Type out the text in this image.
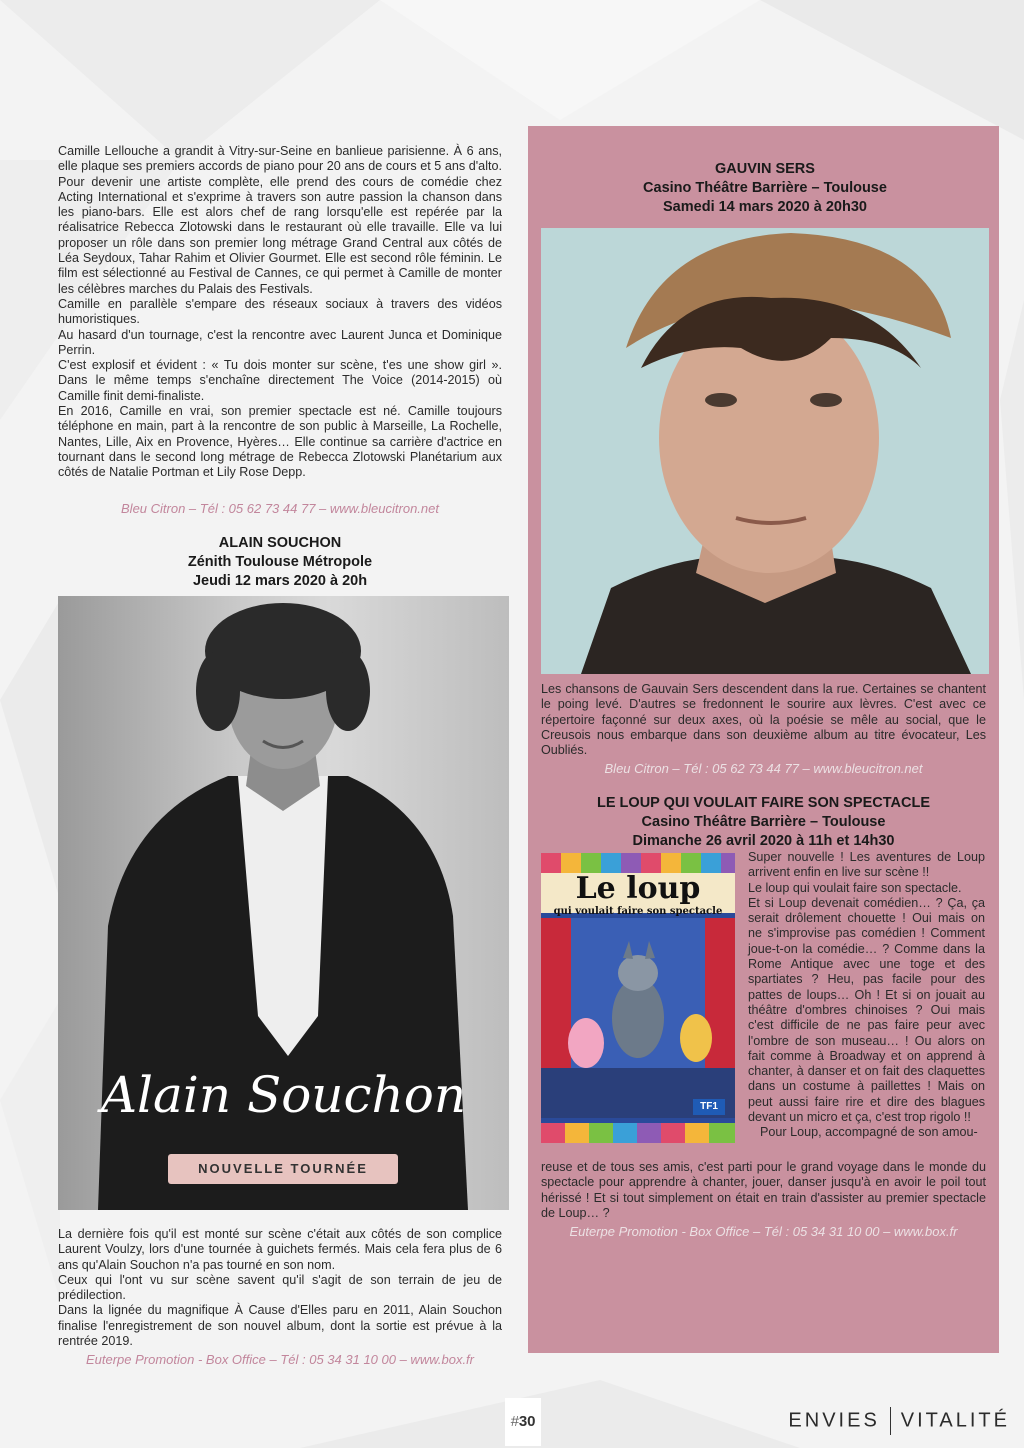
Camille Lellouche a grandit à Vitry-sur-Seine en banlieue parisienne. À 6 ans, elle plaque ses premiers accords de piano pour 20 ans de cours et 5 ans d'alto. Pour devenir une artiste complète, elle prend des cours de comédie chez Acting International et s'exprime à travers son autre passion la chanson dans les piano-bars. Elle est alors chef de rang lorsqu'elle est repérée par la réalisatrice Rebecca Zlotowski dans le restaurant où elle travaille. Elle va lui proposer un rôle dans son premier long métrage Grand Central aux côtés de Léa Seydoux, Tahar Rahim et Olivier Gourmet. Elle est second rôle féminin. Le film est sélectionné au Festival de Cannes, ce qui permet à Camille de monter les célèbres marches du Palais des Festivals.

Camille en parallèle s'empare des réseaux sociaux à travers des vidéos humoristiques.

Au hasard d'un tournage, c'est la rencontre avec Laurent Junca et Dominique Perrin.

C'est explosif et évident : « Tu dois monter sur scène, t'es une show girl ». Dans le même temps s'enchaîne directement The Voice (2014-2015) où Camille finit demi-finaliste.

En 2016, Camille en vrai, son premier spectacle est né. Camille toujours téléphone en main, part à la rencontre de son public à Marseille, La Rochelle, Nantes, Lille, Aix en Provence, Hyères… Elle continue sa carrière d'actrice en tournant dans le second long métrage de Rebecca Zlotowski Planétarium aux côtés de Natalie Portman et Lily Rose Depp.

Bleu Citron – Tél : 05 62 73 44 77 – www.bleucitron.net
ALAIN SOUCHON
Zénith Toulouse Métropole
Jeudi 12 mars 2020 à 20h
Alain Souchon
NOUVELLE TOURNÉE

La dernière fois qu'il est monté sur scène c'était aux côtés de son complice Laurent Voulzy, lors d'une tournée à guichets fermés. Mais cela fera plus de 6 ans qu'Alain Souchon n'a pas tourné en son nom.

Ceux qui l'ont vu sur scène savent qu'il s'agit de son terrain de jeu de prédilection.

Dans la lignée du magnifique À Cause d'Elles paru en 2011, Alain Souchon finalise l'enregistrement de son nouvel album, dont la sortie est prévue à la rentrée 2019.

Euterpe Promotion - Box Office – Tél : 05 34 31 10 00 – www.box.fr
GAUVIN SERS
Casino Théâtre Barrière – Toulouse
Samedi 14 mars 2020 à 20h30

Les chansons de Gauvain Sers descendent dans la rue. Certaines se chantent le poing levé. D'autres se fredonnent le sourire aux lèvres. C'est avec ce répertoire façonné sur deux axes, où la poésie se mêle au social, que le Creusois nous embarque dans son deuxième album au titre évocateur, Les Oubliés.

Bleu Citron – Tél : 05 62 73 44 77 – www.bleucitron.net
LE LOUP QUI VOULAIT FAIRE SON SPECTACLE
Casino Théâtre Barrière – Toulouse
Dimanche 26 avril 2020 à 11h et 14h30
Le loup
qui voulait faire son spectacle
TF1

Super nouvelle ! Les aventures de Loup arrivent enfin en live sur scène !!

Le loup qui voulait faire son spectacle.

Et si Loup devenait comédien… ? Ça, ça serait drôlement chouette ! Oui mais on ne s'improvise pas comédien ! Comment joue-t-on la comédie… ? Comme dans la Rome Antique avec une toge et des spartiates ? Heu, pas facile pour des pattes de loups… Oh ! Et si on jouait au théâtre d'ombres chinoises ? Oui mais c'est difficile de ne pas faire peur avec l'ombre de son museau… ! Ou alors on fait comme à Broadway et on apprend à chanter, à danser et on fait des claquettes dans un costume à paillettes ! Mais on peut aussi faire rire et dire des blagues devant un micro et ça, c'est trop rigolo !!

Pour Loup, accompagné de son amou-

reuse et de tous ses amis, c'est parti pour le grand voyage dans le monde du spectacle pour apprendre à chanter, jouer, danser jusqu'à en avoir le poil tout hérissé ! Et si tout simplement on était en train d'assister au premier spectacle de Loup… ?

Euterpe Promotion - Box Office – Tél : 05 34 31 10 00 – www.box.fr
#30	ENVIES VITALITÉ
